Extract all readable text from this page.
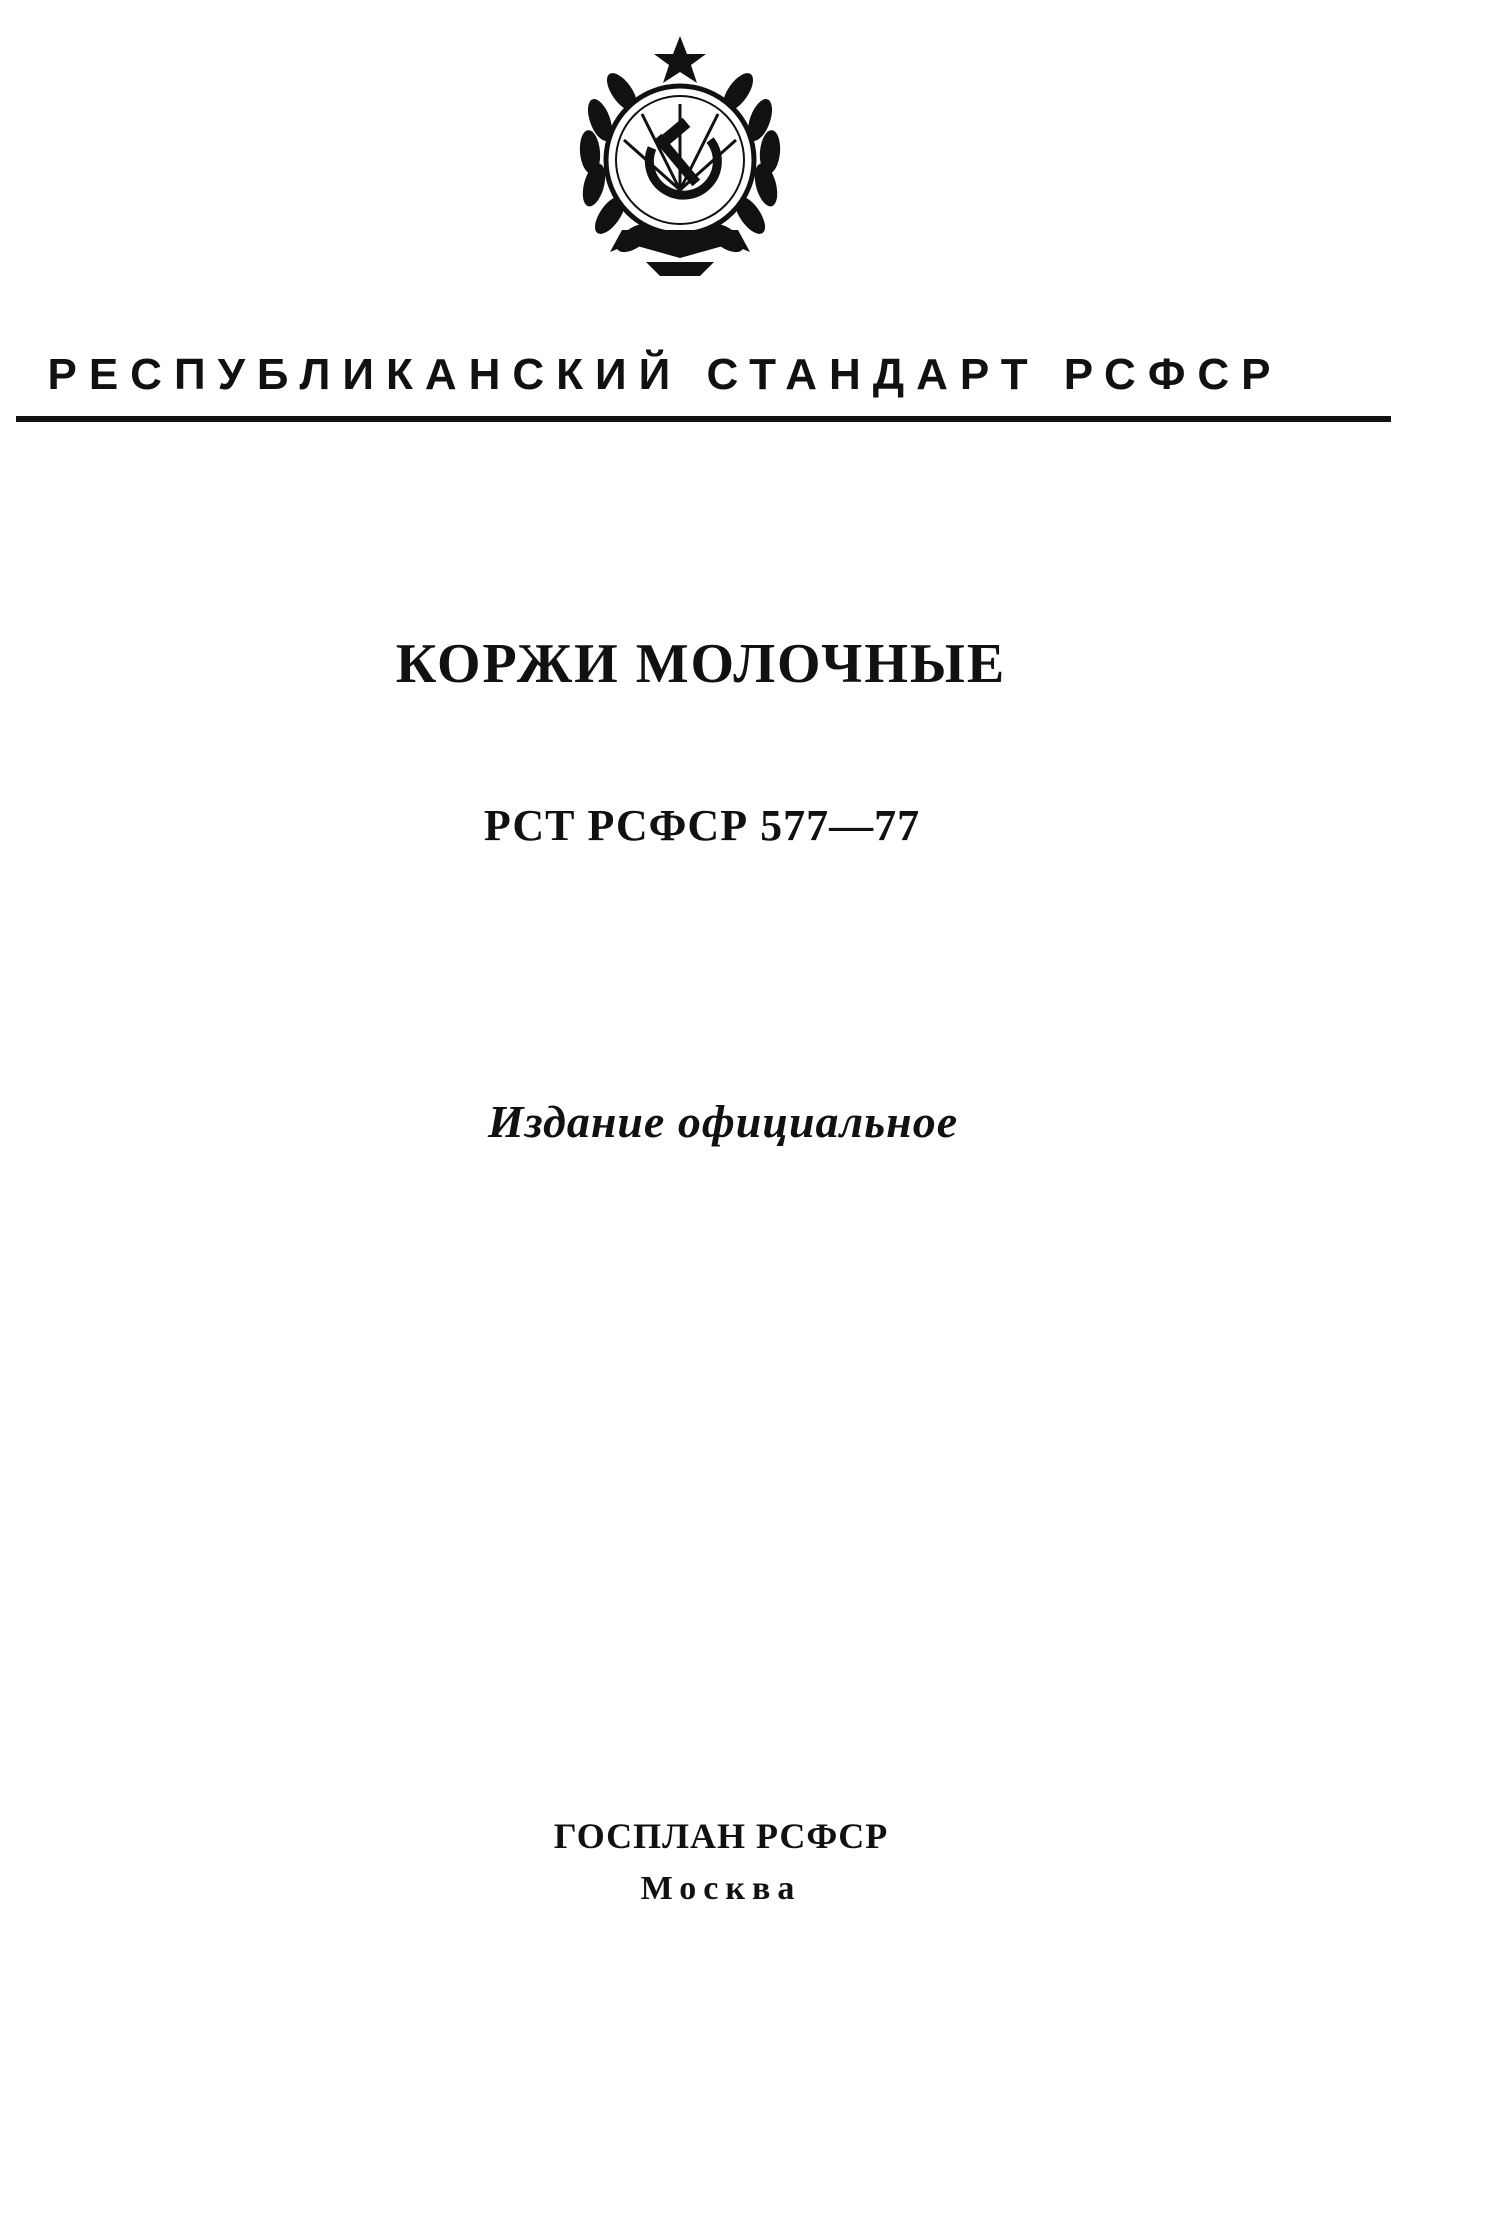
РЕСПУБЛИКАНСКИЙ СТАНДАРТ РСФСР
КОРЖИ МОЛОЧНЫЕ
РСТ РСФСР 577—77
Издание официальное
ГОСПЛАН РСФСР
Москва
